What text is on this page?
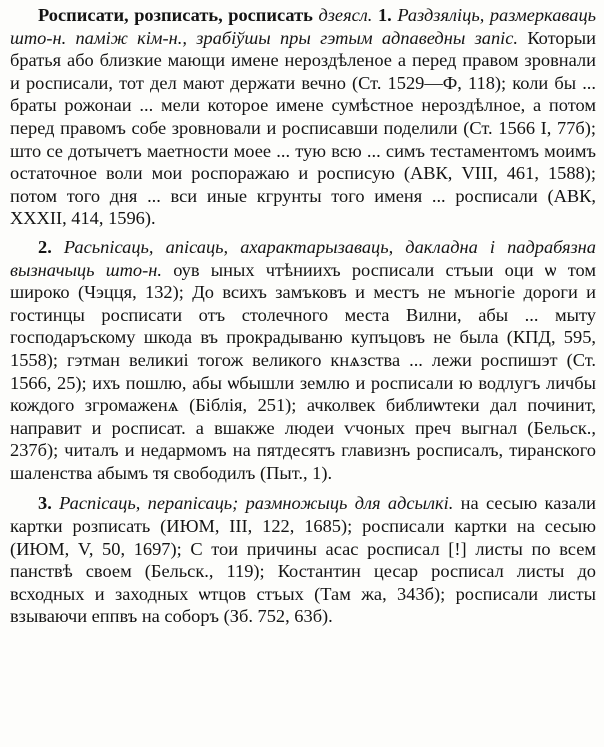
Росписати, розписать, росписать дзеясл. 1. Раздзяліць, размеркаваць што-н. паміж кім-н., зрабіўшы пры гэтым адпаведны запіс. Которыи братья або близкие мающи имене нероздѣленое а перед правом зровнали и росписали, тот дел мают держати вечно (Ст. 1529—Ф, 118); коли бы ... браты рожонаи ... мели которое имене сумѣстное нероздѣлное, а потом перед правомъ собе зровновали и росписавши поделили (Ст. 1566 I, 77б); што се дотычетъ маетности моее ... тую всю ... симъ тестаментомъ моимъ остаточное воли мои роспоражаю и росписую (АВК, VIII, 461, 1588); потом того дня ... вси иные кгрунты того именя ... росписали (АВК, XXXII, 414, 1596).

2. Расьпісаць, апісаць, ахарактарызаваць, дакладна і падрабязна вызначыць што-н. оув ыных чтѣниихъ росписали стъыи оци ѡ том широко (Чэцця, 132); До всихъ замъковъ и местъ не мъногіе дороги и гостинцы росписати отъ столечного места Вилни, абы ... мыту господаръскому шкода въ прокрадываню купъцовъ не была (КПД, 595, 1558); гэтман великиі тогож великого кнѧзства ... лежи роспишэт (Ст. 1566, 25); ихъ пошлю, абы ѡбышли землю и росписали ю водлугъ личбы кождого згромаженѧ (Біблія, 251); ачколвек библиѡтеки дал починит, направит и росписат. а вшакже людеи ѵчоных преч выгнал (Бельск., 237б); читалъ и недармомъ на пятдесятъ главизнъ росписалъ, тиранского шаленства абымъ тя свободилъ (Пыт., 1).

3. Распісаць, перапісаць; размножыць для адсылкі. на сесыю казали картки розписать (ИЮМ, III, 122, 1685); росписали картки на сесыю (ИЮМ, V, 50, 1697); С тои причины асас росписал [!] листы по всем панствѣ своем (Бельск., 119); Костантин цесар росписал листы до всходных и заходных ѡтцов стъых (Там жа, 343б); росписали листы взываючи еппвъ на соборъ (Зб. 752, 63б).
